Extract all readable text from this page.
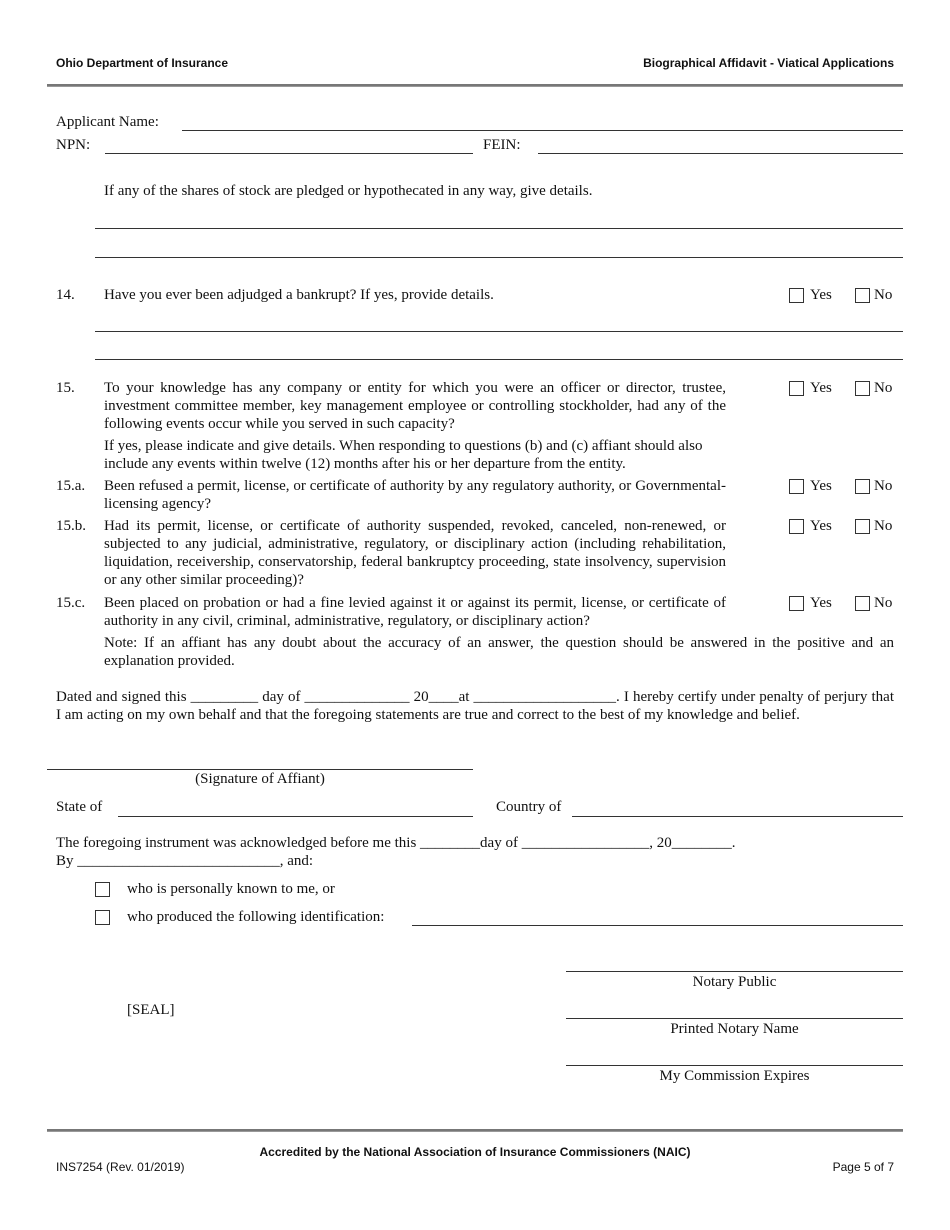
Ohio Department of Insurance	Biographical Affidavit - Viatical Applications
Applicant Name:
NPN:	FEIN:
If any of the shares of stock are pledged or hypothecated in any way, give details.
14. Have you ever been adjudged a bankrupt? If yes, provide details.	Yes	No
15. To your knowledge has any company or entity for which you were an officer or director, trustee, investment committee member, key management employee or controlling stockholder, had any of the following events occur while you served in such capacity?
Yes	No
If yes, please indicate and give details. When responding to questions (b) and (c) affiant should also include any events within twelve (12) months after his or her departure from the entity.
15.a. Been refused a permit, license, or certificate of authority by any regulatory authority, or Governmental-licensing agency?
Yes	No
15.b. Had its permit, license, or certificate of authority suspended, revoked, canceled, non-renewed, or subjected to any judicial, administrative, regulatory, or disciplinary action (including rehabilitation, liquidation, receivership, conservatorship, federal bankruptcy proceeding, state insolvency, supervision or any other similar proceeding)?
Yes	No
15.c. Been placed on probation or had a fine levied against it or against its permit, license, or certificate of authority in any civil, criminal, administrative, regulatory, or disciplinary action?
Yes	No
Note: If an affiant has any doubt about the accuracy of an answer, the question should be answered in the positive and an explanation provided.
Dated and signed this _________ day of ______________ 20____at ___________________. I hereby certify under penalty of perjury that I am acting on my own behalf and that the foregoing statements are true and correct to the best of my knowledge and belief.
(Signature of Affiant)
State of	Country of
The foregoing instrument was acknowledged before me this ________day of _________________, 20________.
By ___________________________, and:
who is personally known to me, or
who produced the following identification:
Notary Public
[SEAL]
Printed Notary Name
My Commission Expires
Accredited by the National Association of Insurance Commissioners (NAIC)
INS7254 (Rev. 01/2019)	Page 5 of 7
